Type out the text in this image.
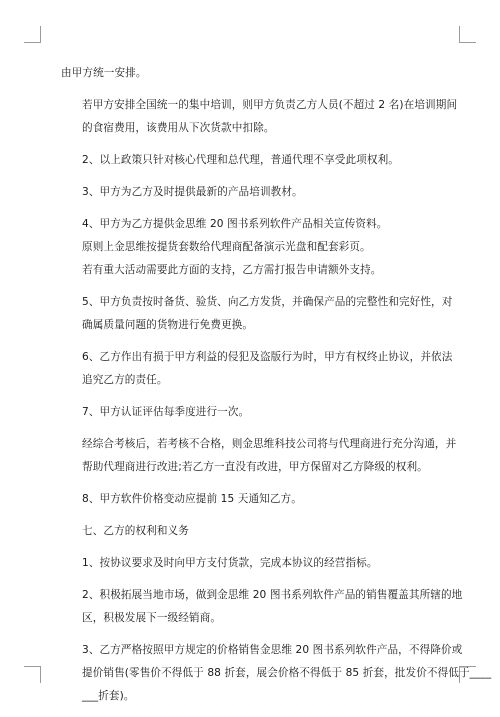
由甲方统一安排。

若甲方安排全国统一的集中培训，则甲方负责乙方人员(不超过 2 名)在培训期间
的食宿费用，该费用从下次货款中扣除。

2、以上政策只针对核心代理和总代理，普通代理不享受此项权利。

3、甲方为乙方及时提供最新的产品培训教材。

4、甲方为乙方提供金思维 20 图书系列软件产品相关宣传资料。

原则上金思维按提货套数给代理商配备演示光盘和配套彩页。

若有重大活动需要此方面的支持，乙方需打报告申请额外支持。

5、甲方负责按时备货、验货、向乙方发货，并确保产品的完整性和完好性，对
确属质量问题的货物进行免费更换。

6、乙方作出有损于甲方利益的侵犯及盗版行为时，甲方有权终止协议，并依法
追究乙方的责任。

7、甲方认证评估每季度进行一次。

经综合考核后，若考核不合格，则金思维科技公司将与代理商进行充分沟通，并
帮助代理商进行改进;若乙方一直没有改进，甲方保留对乙方降级的权利。

8、甲方软件价格变动应提前 15 天通知乙方。

七、乙方的权利和义务

1、按协议要求及时向甲方支付货款，完成本协议的经营指标。

2、积极拓展当地市场，做到金思维 20 图书系列软件产品的销售覆盖其所辖的地
区，积极发展下一级经销商。

3、乙方严格按照甲方规定的价格销售金思维 20 图书系列软件产品，不得降价或
提价销售(零售价不得低于 88 折套，展会价格不得低于 85 折套，批发价不得低于____
___折套)。
